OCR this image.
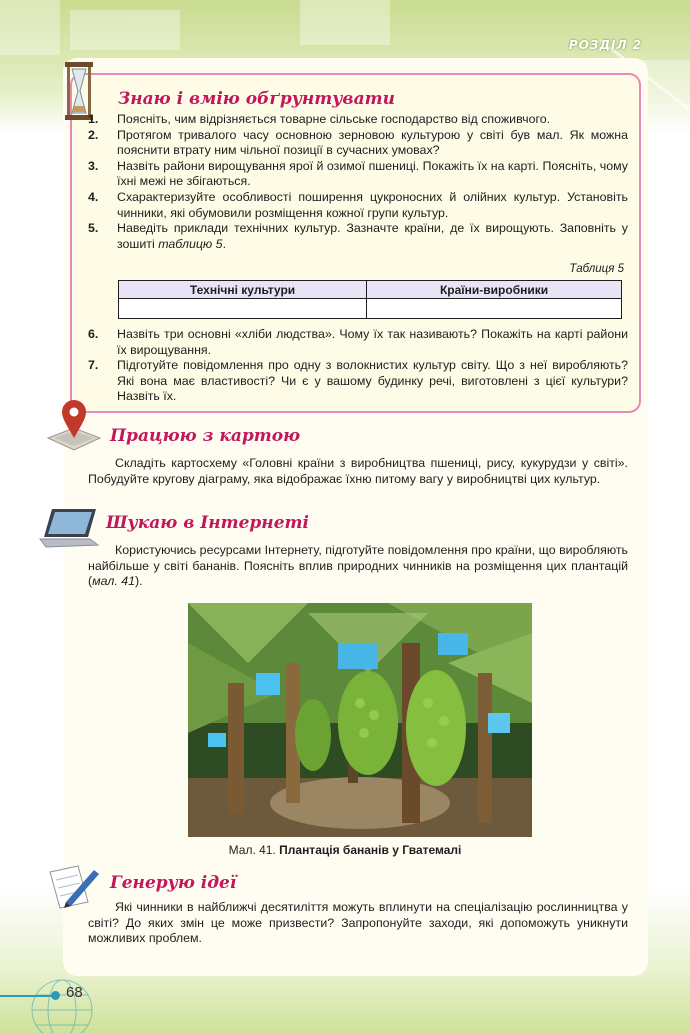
РОЗДІЛ 2
Знаю і вмію обґрунтувати
1.	Поясніть, чим відрізняється товарне сільське господарство від споживчого.
2.	Протягом тривалого часу основною зерновою культурою у світі був мал. Як можна пояснити втрату ним чільної позиції в сучасних умовах?
3.	Назвіть райони вирощування ярої й озимої пшениці. Покажіть їх на карті. Поясніть, чому їхні межі не збігаються.
4.	Схарактеризуйте особливості поширення цукроносних й олійних культур. Установіть чинники, які обумовили розміщення кожної групи культур.
5.	Наведіть приклади технічних культур. Зазначте країни, де їх вирощують. Заповніть у зошиті таблицю 5.
Таблиця 5
Технічні культури	Країни-виробники

6.	Назвіть три основні «хліби людства». Чому їх так називають? Покажіть на карті райони їх вирощування.
7.	Підготуйте повідомлення про одну з волокнистих культур світу. Що з неї виробляють? Які вона має властивості? Чи є у вашому будинку речі, виготовлені з цієї культури? Назвіть їх.
Працюю з картою
Складіть картосхему «Головні країни з виробництва пшениці, рису, кукурудзи у світі». Побудуйте кругову діаграму, яка відображає їхню питому вагу у виробництві цих культур.
Шукаю в Інтернеті
Користуючись ресурсами Інтернету, підготуйте повідомлення про країни, що виробляють найбільше у світі бананів. Поясніть вплив природних чинників на розміщення цих плантацій (мал. 41).
Мал. 41. Плантація бананів у Гватемалі
Генерую ідеї
Які чинники в найближчі десятиліття можуть вплинути на спеціалізацію рослинництва у світі? До яких змін це може призвести? Запропонуйте заходи, які допоможуть уникнути можливих проблем.
68
